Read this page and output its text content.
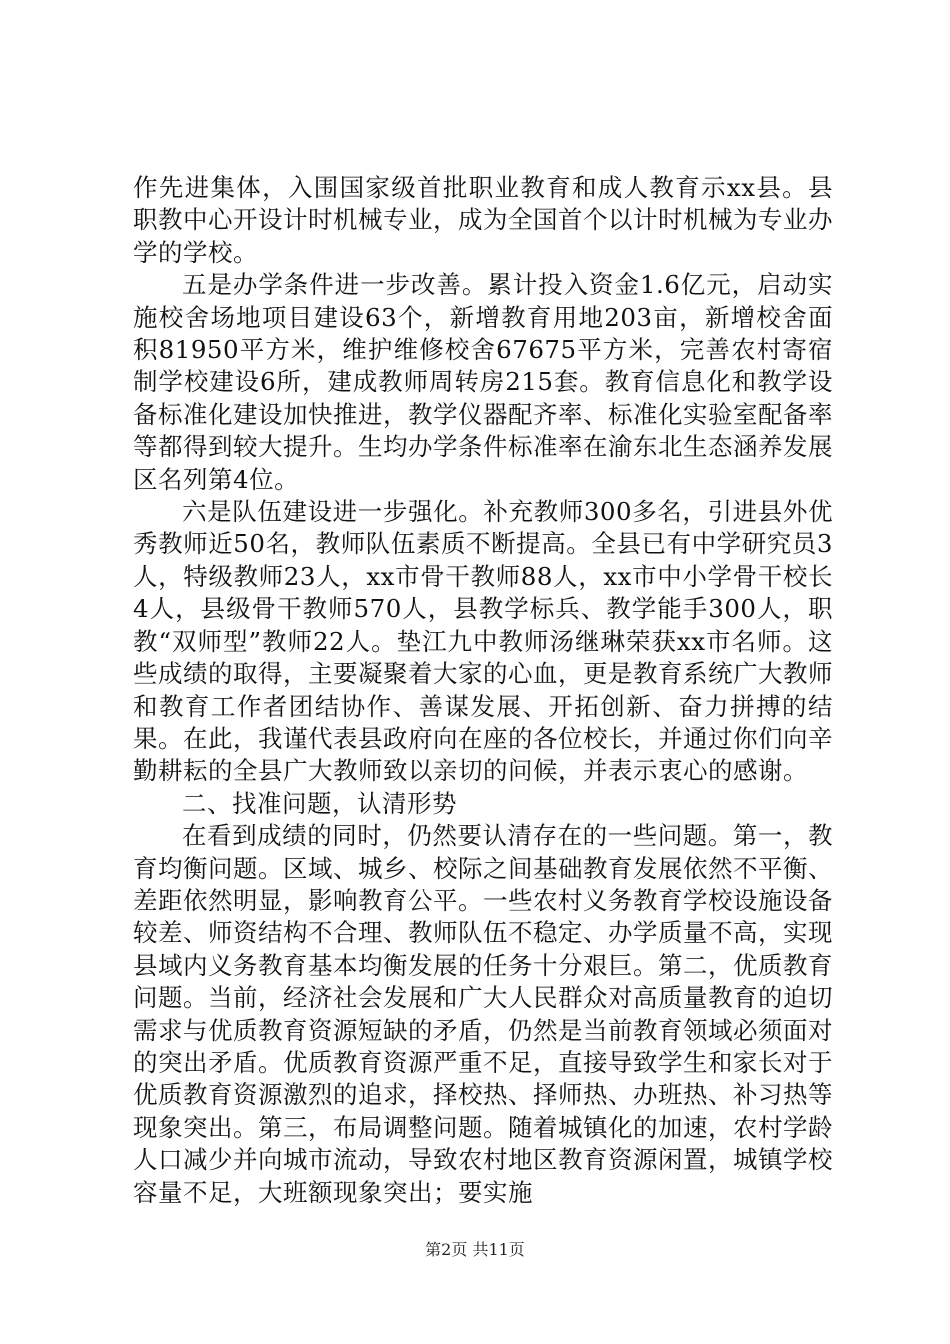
作先进集体，入围国家级首批职业教育和成人教育示xx县。县职教中心开设计时机械专业，成为全国首个以计时机械为专业办学的学校。

五是办学条件进一步改善。累计投入资金1.6亿元，启动实施校舍场地项目建设63个，新增教育用地203亩，新增校舍面积81950平方米，维护维修校舍67675平方米，完善农村寄宿制学校建设6所，建成教师周转房215套。教育信息化和教学设备标准化建设加快推进，教学仪器配齐率、标准化实验室配备率等都得到较大提升。生均办学条件标准率在渝东北生态涵养发展区名列第4位。

六是队伍建设进一步强化。补充教师300多名，引进县外优秀教师近50名，教师队伍素质不断提高。全县已有中学研究员3人，特级教师23人，xx市骨干教师88人，xx市中小学骨干校长4人，县级骨干教师570人，县教学标兵、教学能手300人，职教“双师型”教师22人。垫江九中教师汤继琳荣获xx市名师。这些成绩的取得，主要凝聚着大家的心血，更是教育系统广大教师和教育工作者团结协作、善谋发展、开拓创新、奋力拼搏的结果。在此，我谨代表县政府向在座的各位校长，并通过你们向辛勤耕耘的全县广大教师致以亲切的问候，并表示衷心的感谢。

二、找准问题，认清形势

在看到成绩的同时，仍然要认清存在的一些问题。第一，教育均衡问题。区域、城乡、校际之间基础教育发展依然不平衡、差距依然明显，影响教育公平。一些农村义务教育学校设施设备较差、师资结构不合理、教师队伍不稳定、办学质量不高，实现县域内义务教育基本均衡发展的任务十分艰巨。第二，优质教育问题。当前，经济社会发展和广大人民群众对高质量教育的迫切需求与优质教育资源短缺的矛盾，仍然是当前教育领域必须面对的突出矛盾。优质教育资源严重不足，直接导致学生和家长对于优质教育资源激烈的追求，择校热、择师热、办班热、补习热等现象突出。第三，布局调整问题。随着城镇化的加速，农村学龄人口减少并向城市流动，导致农村地区教育资源闲置，城镇学校容量不足，大班额现象突出；要实施

第2页 共11页
